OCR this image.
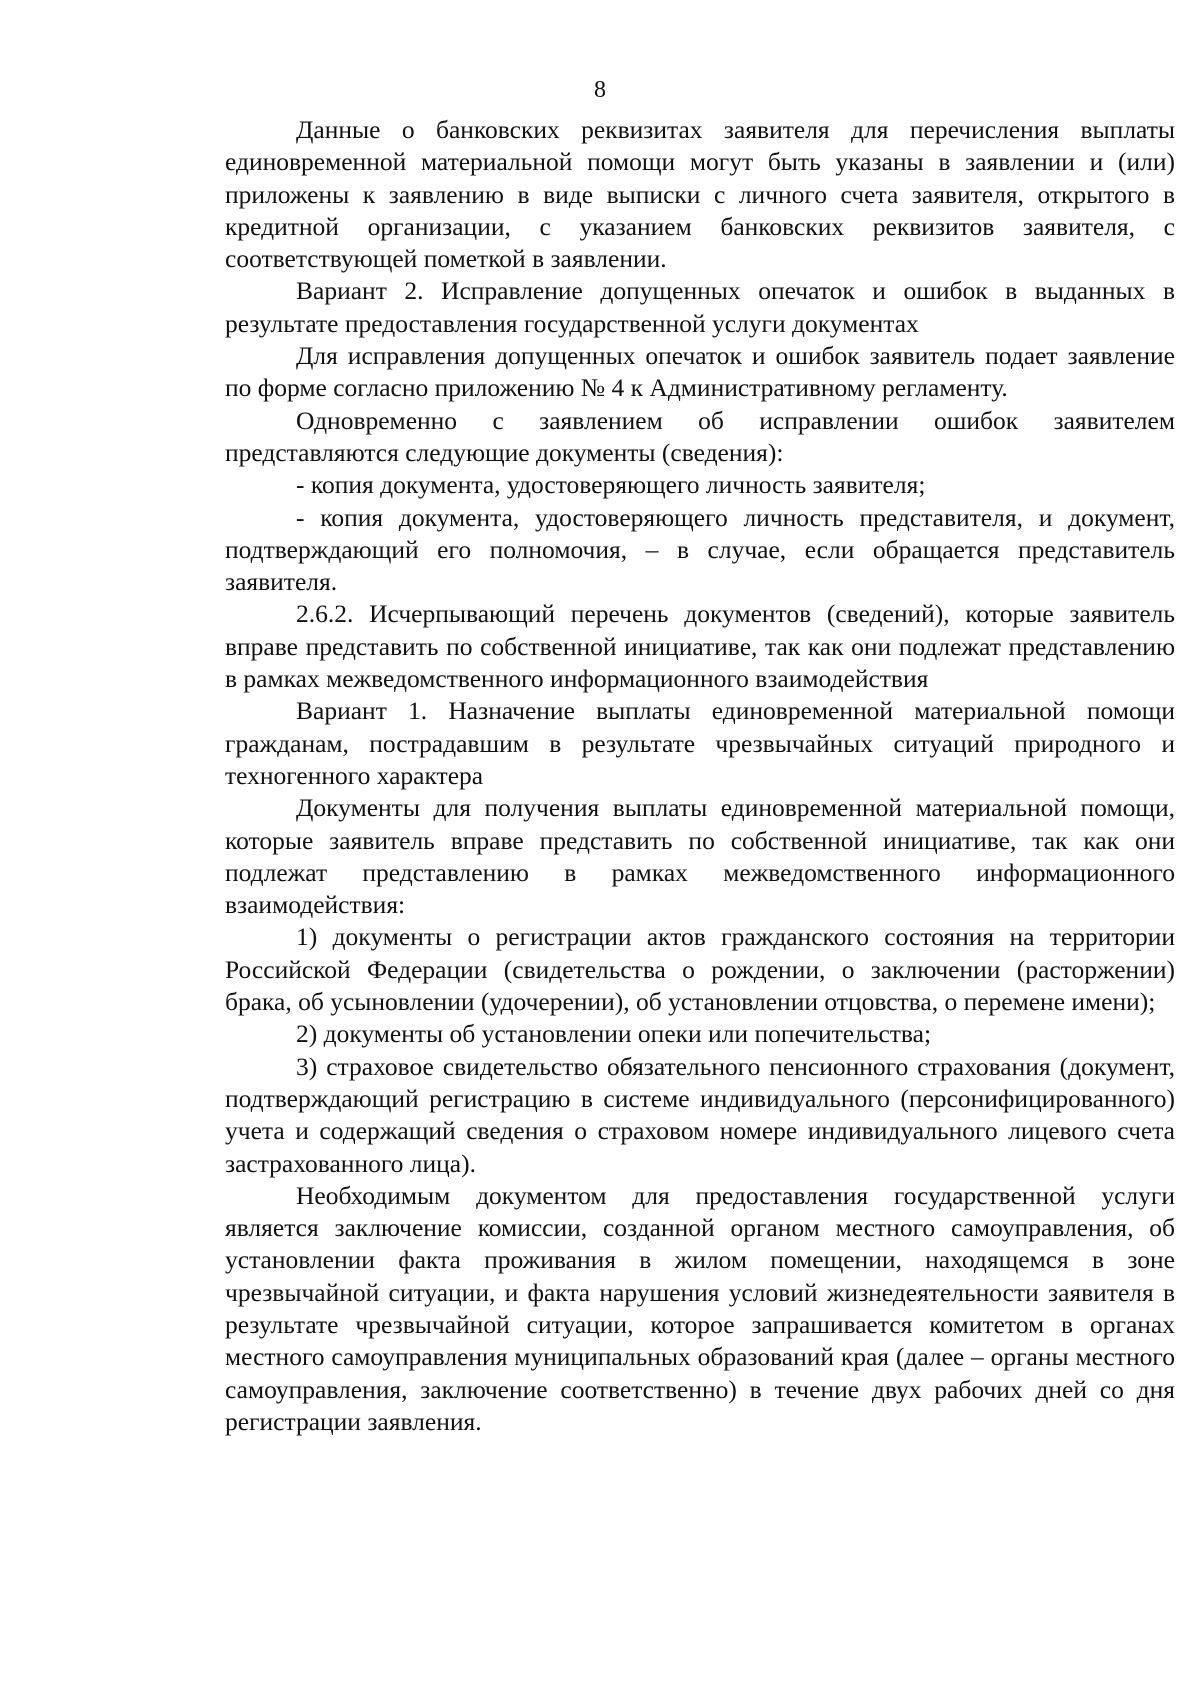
8

Данные о банковских реквизитах заявителя для перечисления выплаты единовременной материальной помощи могут быть указаны в заявлении и (или) приложены к заявлению в виде выписки с личного счета заявителя, открытого в кредитной организации, с указанием банковских реквизитов заявителя, с соответствующей пометкой в заявлении.

Вариант 2. Исправление допущенных опечаток и ошибок в выданных в результате предоставления государственной услуги документах

Для исправления допущенных опечаток и ошибок заявитель подает заявление по форме согласно приложению № 4 к Административному регламенту.

Одновременно с заявлением об исправлении ошибок заявителем представляются следующие документы (сведения):

- копия документа, удостоверяющего личность заявителя;

- копия документа, удостоверяющего личность представителя, и документ, подтверждающий его полномочия, – в случае, если обращается представитель заявителя.

2.6.2. Исчерпывающий перечень документов (сведений), которые заявитель вправе представить по собственной инициативе, так как они подлежат представлению в рамках межведомственного информационного взаимодействия

Вариант 1. Назначение выплаты единовременной материальной помощи гражданам, пострадавшим в результате чрезвычайных ситуаций природного и техногенного характера

Документы для получения выплаты единовременной материальной помощи, которые заявитель вправе представить по собственной инициативе, так как они подлежат представлению в рамках межведомственного информационного взаимодействия:

1) документы о регистрации актов гражданского состояния на территории Российской Федерации (свидетельства о рождении, о заключении (расторжении) брака, об усыновлении (удочерении), об установлении отцовства, о перемене имени);

2) документы об установлении опеки или попечительства;

3) страховое свидетельство обязательного пенсионного страхования (документ, подтверждающий регистрацию в системе индивидуального (персонифицированного) учета и содержащий сведения о страховом номере индивидуального лицевого счета застрахованного лица).

Необходимым документом для предоставления государственной услуги является заключение комиссии, созданной органом местного самоуправления, об установлении факта проживания в жилом помещении, находящемся в зоне чрезвычайной ситуации, и факта нарушения условий жизнедеятельности заявителя в результате чрезвычайной ситуации, которое запрашивается комитетом в органах местного самоуправления муниципальных образований края (далее – органы местного самоуправления, заключение соответственно) в течение двух рабочих дней со дня регистрации заявления.
